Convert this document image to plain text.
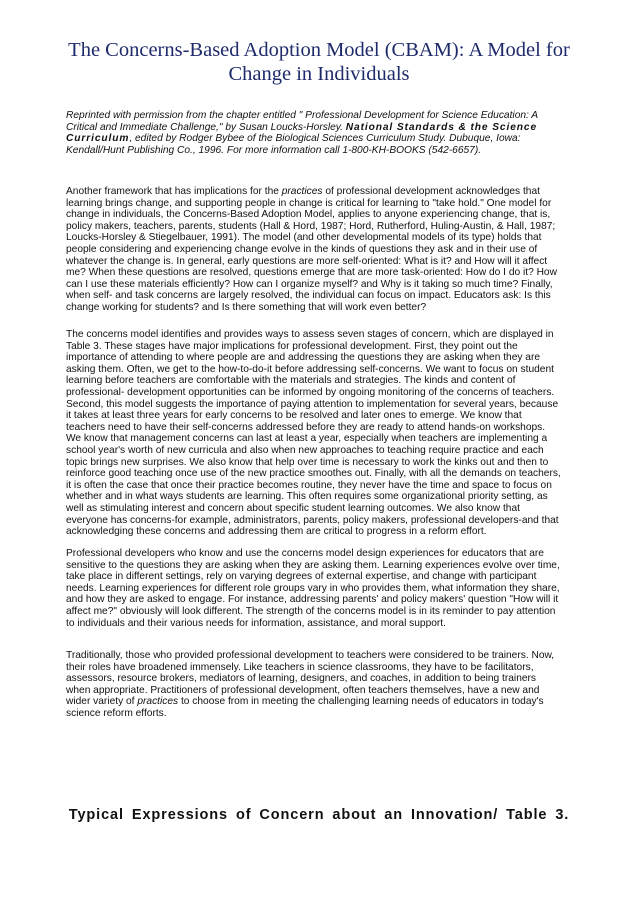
The Concerns-Based Adoption Model (CBAM): A Model for Change in Individuals

Reprinted with permission from the chapter entitled " Professional Development for Science Education: A Critical and Immediate Challenge," by Susan Loucks-Horsley. National Standards & the Science Curriculum, edited by Rodger Bybee of the Biological Sciences Curriculum Study. Dubuque, Iowa: Kendall/Hunt Publishing Co., 1996. For more information call 1-800-KH-BOOKS (542-6657).

Another framework that has implications for the practices of professional development acknowledges that learning brings change, and supporting people in change is critical for learning to "take hold." One model for change in individuals, the Concerns-Based Adoption Model, applies to anyone experiencing change, that is, policy makers, teachers, parents, students (Hall & Hord, 1987; Hord, Rutherford, Huling-Austin, & Hall, 1987; Loucks-Horsley & Stiegelbauer, 1991). The model (and other developmental models of its type) holds that people considering and experiencing change evolve in the kinds of questions they ask and in their use of whatever the change is. In general, early questions are more self-oriented: What is it? and How will it affect me? When these questions are resolved, questions emerge that are more task-oriented: How do I do it? How can I use these materials efficiently? How can I organize myself? and Why is it taking so much time? Finally, when self- and task concerns are largely resolved, the individual can focus on impact. Educators ask: Is this change working for students? and Is there something that will work even better?

The concerns model identifies and provides ways to assess seven stages of concern, which are displayed in Table 3. These stages have major implications for professional development. First, they point out the importance of attending to where people are and addressing the questions they are asking when they are asking them. Often, we get to the how-to-do-it before addressing self-concerns. We want to focus on student learning before teachers are comfortable with the materials and strategies. The kinds and content of professional- development opportunities can be informed by ongoing monitoring of the concerns of teachers. Second, this model suggests the importance of paying attention to implementation for several years, because it takes at least three years for early concerns to be resolved and later ones to emerge. We know that teachers need to have their self-concerns addressed before they are ready to attend hands-on workshops. We know that management concerns can last at least a year, especially when teachers are implementing a school year's worth of new curricula and also when new approaches to teaching require practice and each topic brings new surprises. We also know that help over time is necessary to work the kinks out and then to reinforce good teaching once use of the new practice smoothes out. Finally, with all the demands on teachers, it is often the case that once their practice becomes routine, they never have the time and space to focus on whether and in what ways students are learning. This often requires some organizational priority setting, as well as stimulating interest and concern about specific student learning outcomes. We also know that everyone has concerns-for example, administrators, parents, policy makers, professional developers-and that acknowledging these concerns and addressing them are critical to progress in a reform effort.

Professional developers who know and use the concerns model design experiences for educators that are sensitive to the questions they are asking when they are asking them. Learning experiences evolve over time, take place in different settings, rely on varying degrees of external expertise, and change with participant needs. Learning experiences for different role groups vary in who provides them, what information they share, and how they are asked to engage. For instance, addressing parents' and policy makers' question "How will it affect me?" obviously will look different. The strength of the concerns model is in its reminder to pay attention to individuals and their various needs for information, assistance, and moral support.

Traditionally, those who provided professional development to teachers were considered to be trainers. Now, their roles have broadened immensely. Like teachers in science classrooms, they have to be facilitators, assessors, resource brokers, mediators of learning, designers, and coaches, in addition to being trainers when appropriate. Practitioners of professional development, often teachers themselves, have a new and wider variety of practices to choose from in meeting the challenging learning needs of educators in today's science reform efforts.

Typical Expressions of Concern about an Innovation/ Table 3.
